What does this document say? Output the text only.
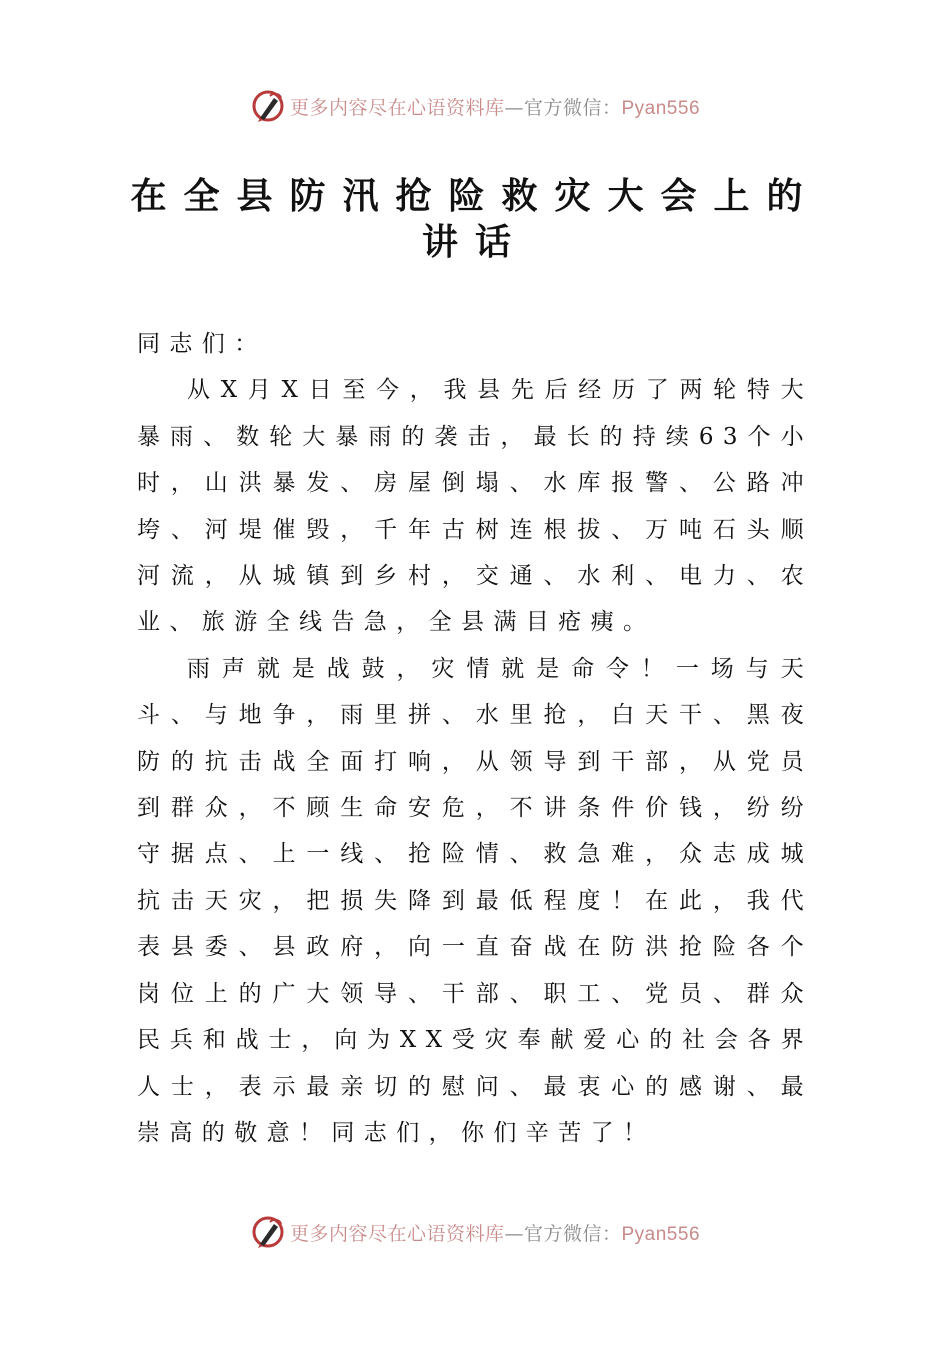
更多内容尽在心语资料库—官方微信：Pyan556
在全县防汛抢险救灾大会上的
讲话

同志们：

从X月X日至今，我县先后经历了两轮特大暴雨、数轮大暴雨的袭击，最长的持续63个小时，山洪暴发、房屋倒塌、水库报警、公路冲垮、河堤催毁，千年古树连根拔、万吨石头顺河流，从城镇到乡村，交通、水利、电力、农业、旅游全线告急，全县满目疮痍。

雨声就是战鼓，灾情就是命令！一场与天斗、与地争，雨里拼、水里抢，白天干、黑夜防的抗击战全面打响，从领导到干部，从党员到群众，不顾生命安危，不讲条件价钱，纷纷守据点、上一线、抢险情、救急难，众志成城抗击天灾，把损失降到最低程度！在此，我代表县委、县政府，向一直奋战在防洪抢险各个岗位上的广大领导、干部、职工、党员、群众民兵和战士，向为XX受灾奉献爱心的社会各界人士，表示最亲切的慰问、最衷心的感谢、最崇高的敬意！同志们，你们辛苦了！

更多内容尽在心语资料库—官方微信：Pyan556
